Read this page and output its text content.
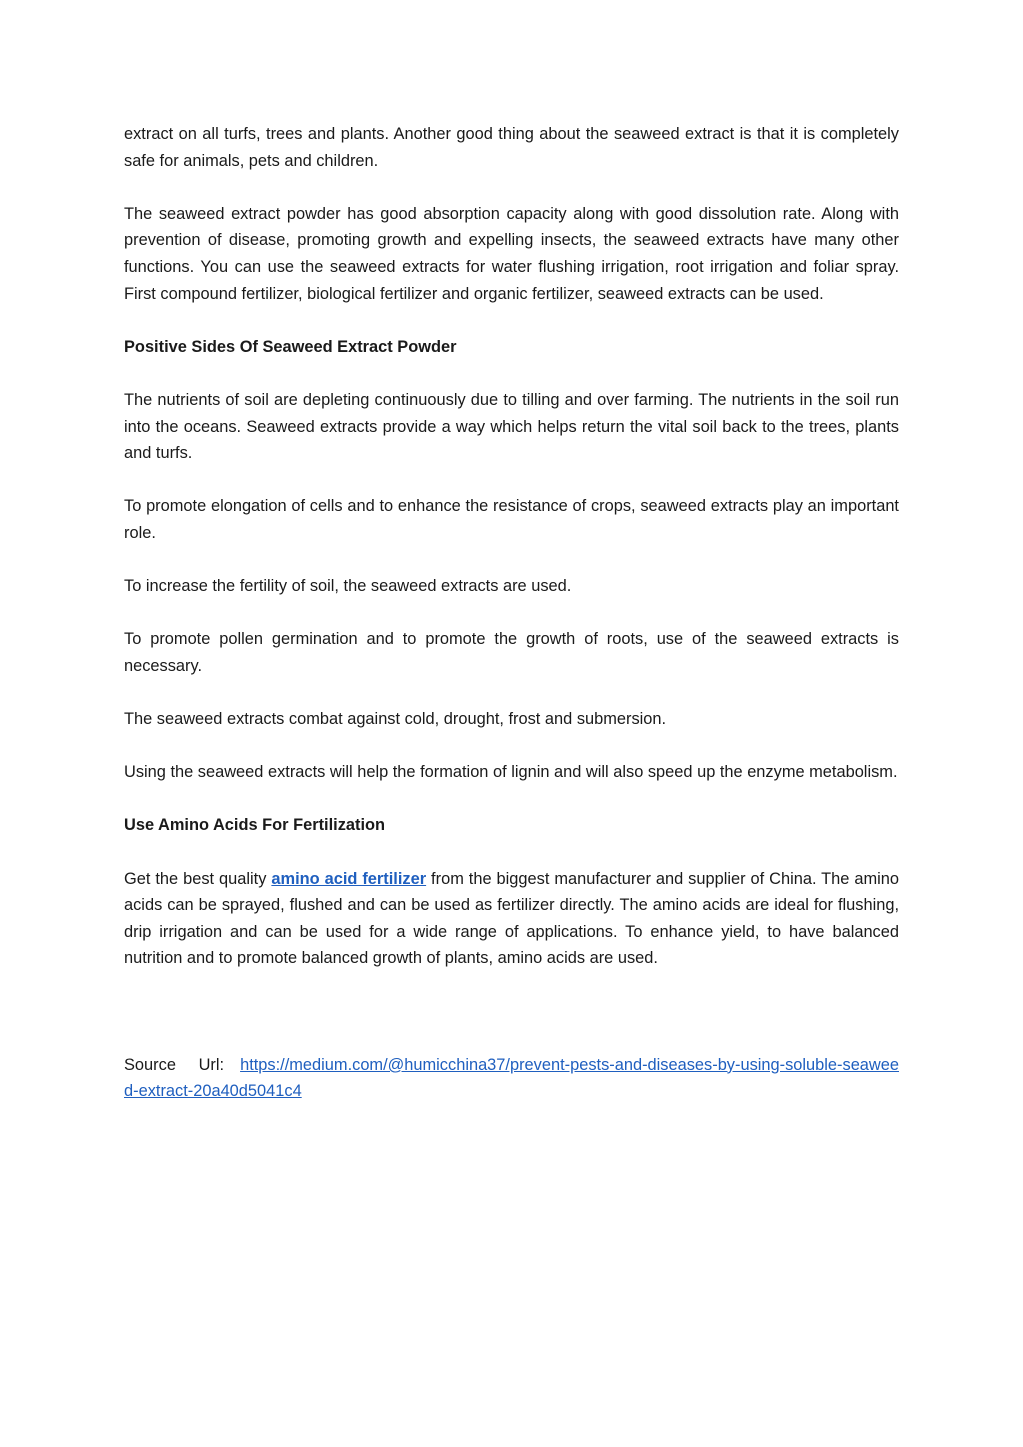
extract on all turfs, trees and plants. Another good thing about the seaweed extract is that it is completely safe for animals, pets and children.

The seaweed extract powder has good absorption capacity along with good dissolution rate. Along with prevention of disease, promoting growth and expelling insects, the seaweed extracts have many other functions. You can use the seaweed extracts for water flushing irrigation, root irrigation and foliar spray. First compound fertilizer, biological fertilizer and organic fertilizer, seaweed extracts can be used.

Positive Sides Of Seaweed Extract Powder

The nutrients of soil are depleting continuously due to tilling and over farming. The nutrients in the soil run into the oceans. Seaweed extracts provide a way which helps return the vital soil back to the trees, plants and turfs.

To promote elongation of cells and to enhance the resistance of crops, seaweed extracts play an important role.

To increase the fertility of soil, the seaweed extracts are used.

To promote pollen germination and to promote the growth of roots, use of the seaweed extracts is necessary.

The seaweed extracts combat against cold, drought, frost and submersion.

Using the seaweed extracts will help the formation of lignin and will also speed up the enzyme metabolism.

Use Amino Acids For Fertilization

Get the best quality amino acid fertilizer from the biggest manufacturer and supplier of China. The amino acids can be sprayed, flushed and can be used as fertilizer directly. The amino acids are ideal for flushing, drip irrigation and can be used for a wide range of applications. To enhance yield, to have balanced nutrition and to promote balanced growth of plants, amino acids are used.

Source Url: https://medium.com/@humicchina37/prevent-pests-and-diseases-by-using-soluble-seaweed-extract-20a40d5041c4
